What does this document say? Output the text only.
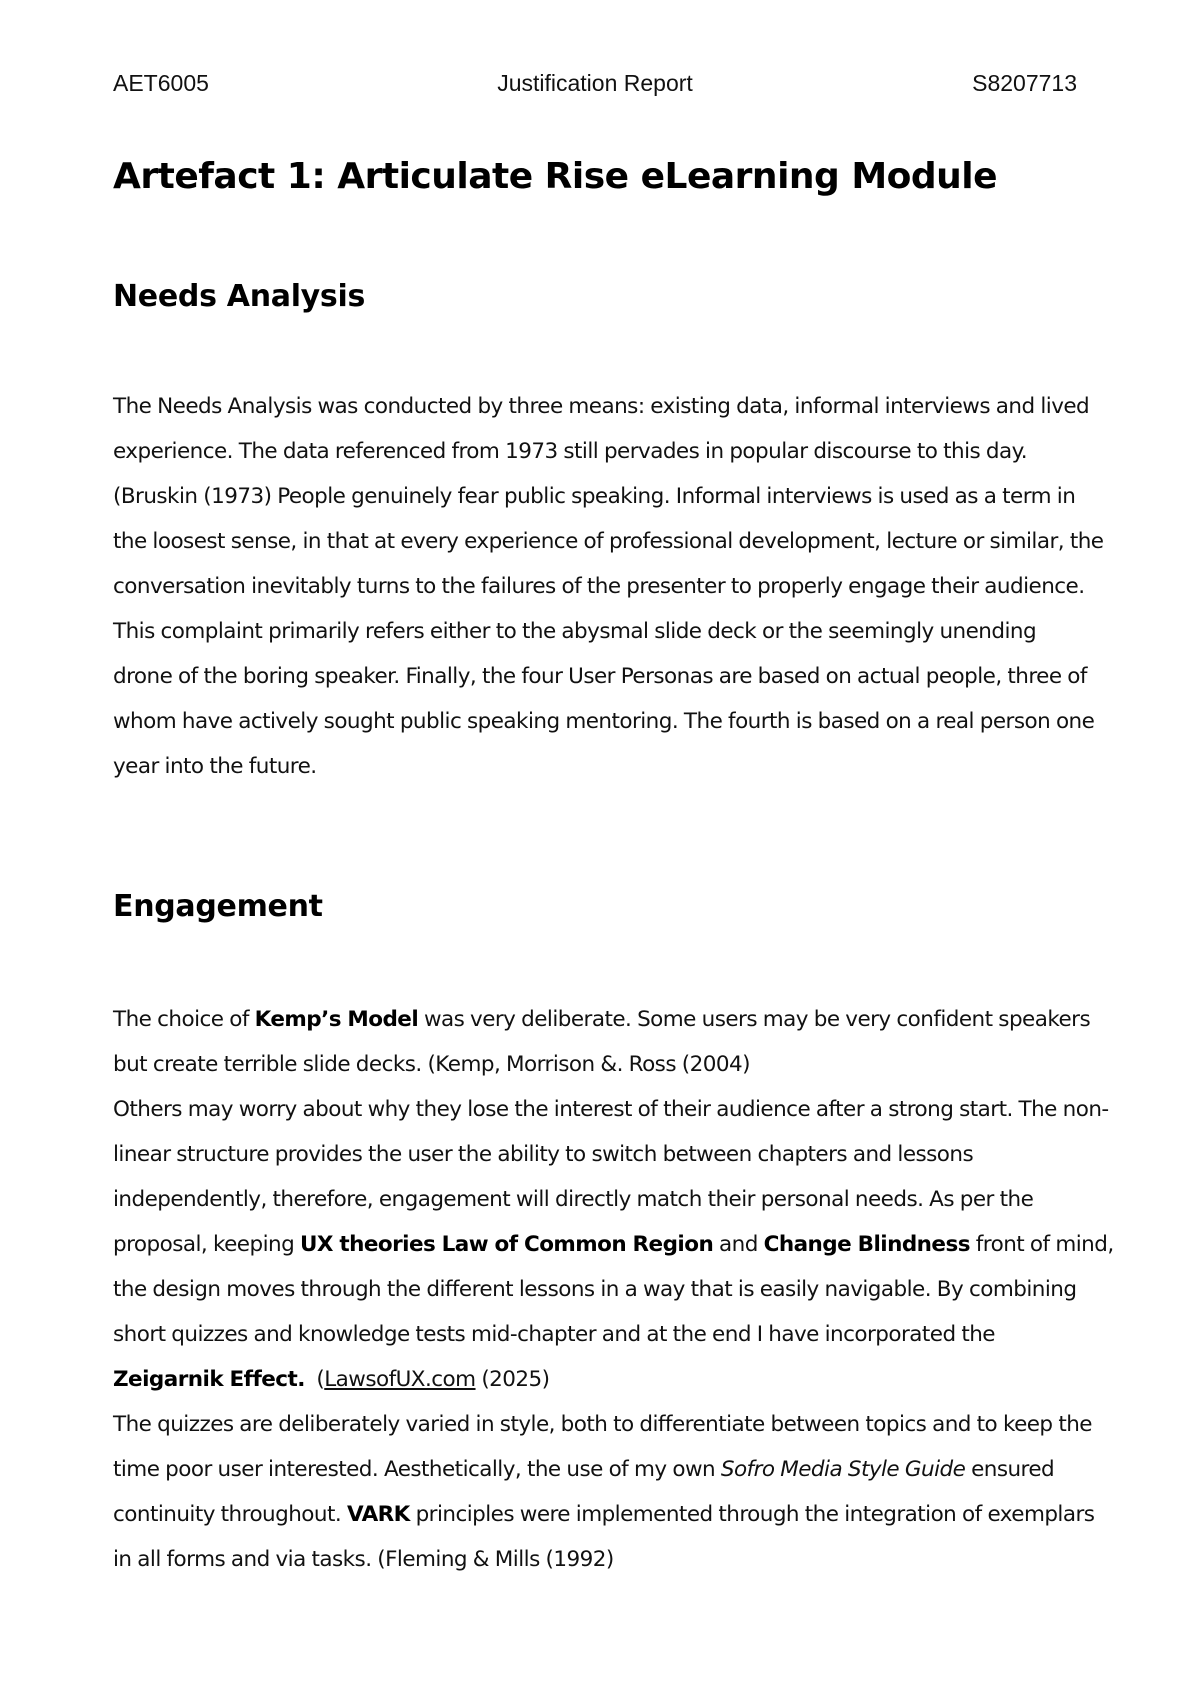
AET6005	Justification Report	S8207713
Artefact 1: Articulate Rise eLearning Module
Needs Analysis
The Needs Analysis was conducted by three means: existing data, informal interviews and lived
experience. The data referenced from 1973 still pervades in popular discourse to this day.
(Bruskin (1973) People genuinely fear public speaking. Informal interviews is used as a term in
the loosest sense, in that at every experience of professional development, lecture or similar, the
conversation inevitably turns to the failures of the presenter to properly engage their audience.
This complaint primarily refers either to the abysmal slide deck or the seemingly unending
drone of the boring speaker. Finally, the four User Personas are based on actual people, three of
whom have actively sought public speaking mentoring. The fourth is based on a real person one
year into the future.
Engagement
The choice of Kemp’s Model was very deliberate. Some users may be very confident speakers
but create terrible slide decks. (Kemp, Morrison &. Ross (2004)
Others may worry about why they lose the interest of their audience after a strong start. The non-
linear structure provides the user the ability to switch between chapters and lessons
independently, therefore, engagement will directly match their personal needs. As per the
proposal, keeping UX theories Law of Common Region and Change Blindness front of mind,
the design moves through the different lessons in a way that is easily navigable. By combining
short quizzes and knowledge tests mid-chapter and at the end I have incorporated the
Zeigarnik Effect.  (LawsofUX.com (2025)
The quizzes are deliberately varied in style, both to differentiate between topics and to keep the
time poor user interested. Aesthetically, the use of my own Sofro Media Style Guide ensured
continuity throughout. VARK principles were implemented through the integration of exemplars
in all forms and via tasks. (Fleming & Mills (1992)
